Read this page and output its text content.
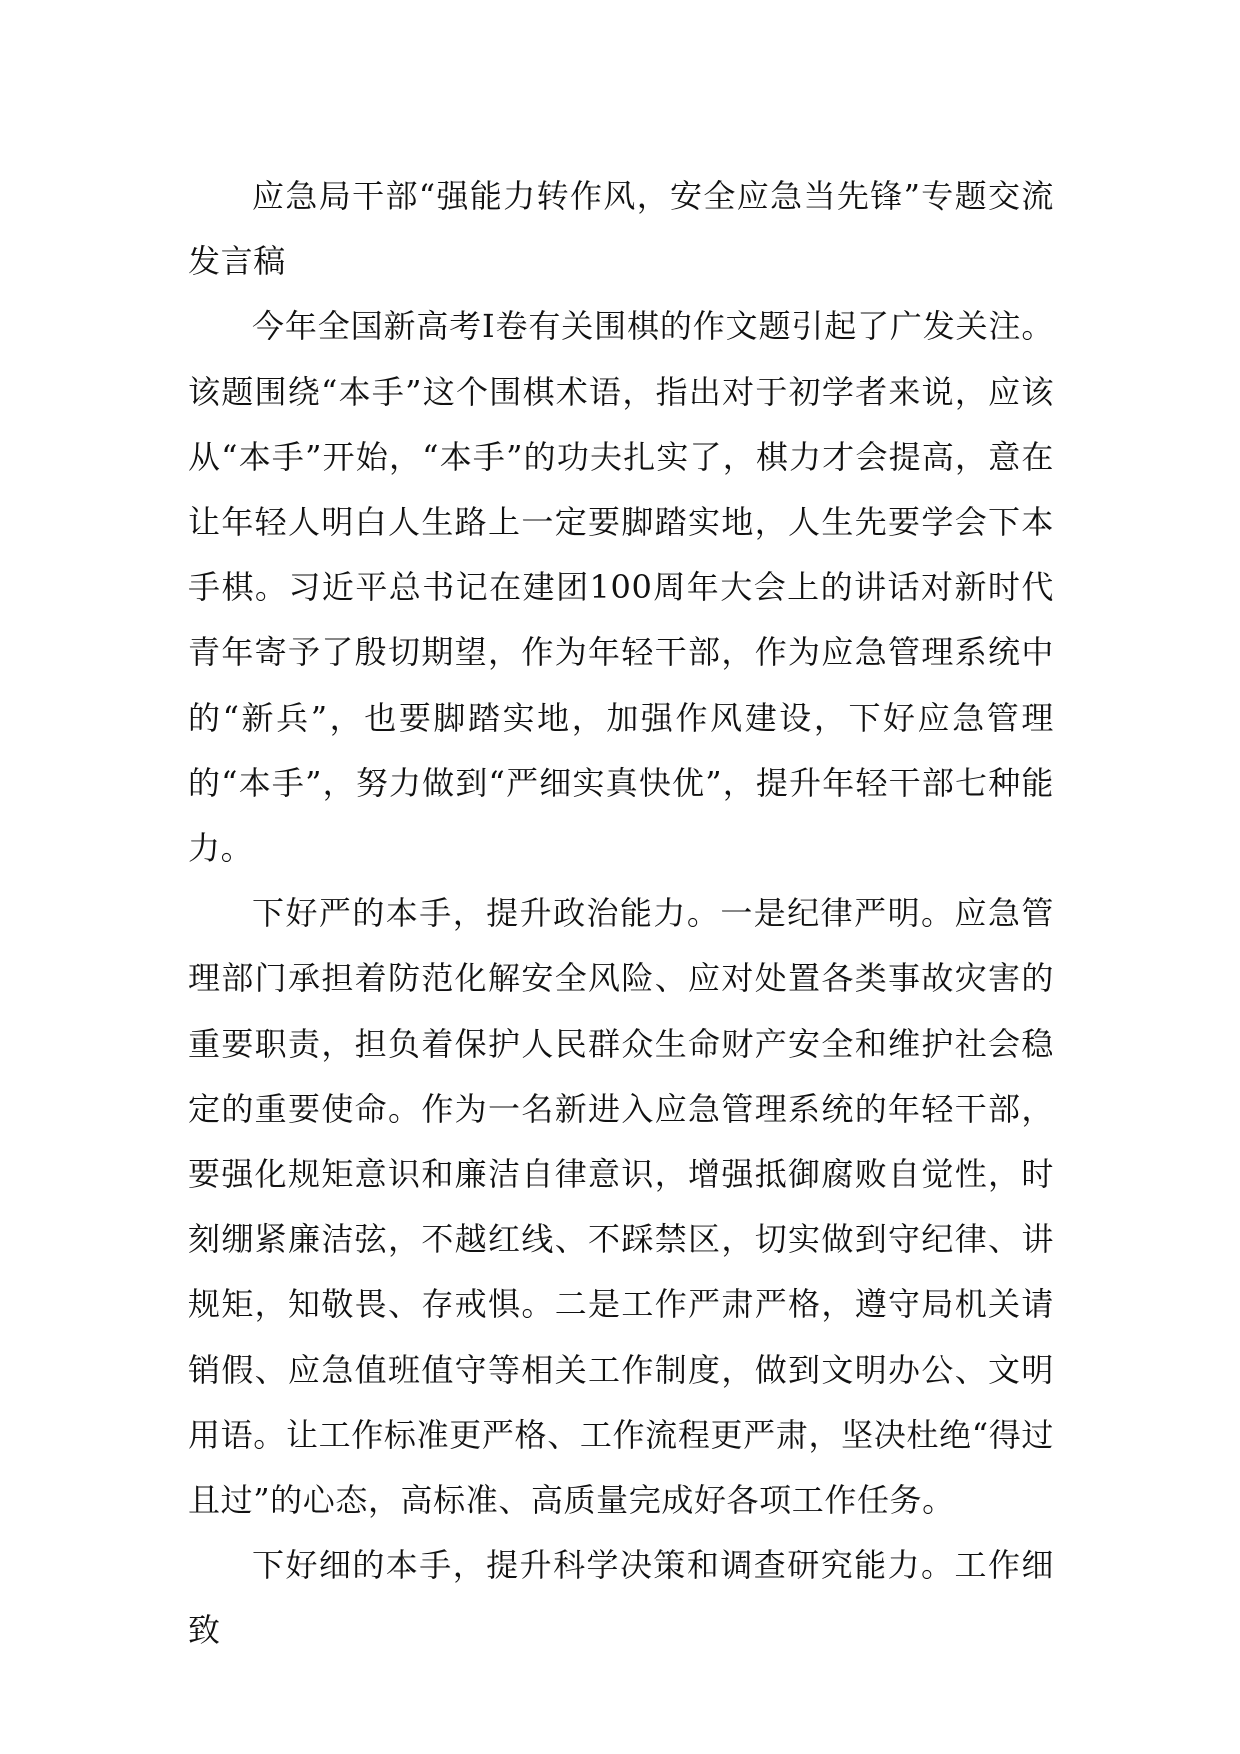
应急局干部“强能力转作风，安全应急当先锋”专题交流发言稿

今年全国新高考I卷有关围棋的作文题引起了广发关注。该题围绕“本手”这个围棋术语，指出对于初学者来说，应该从“本手”开始，“本手”的功夫扎实了，棋力才会提高，意在让年轻人明白人生路上一定要脚踏实地，人生先要学会下本手棋。习近平总书记在建团100周年大会上的讲话对新时代青年寄予了殷切期望，作为年轻干部，作为应急管理系统中的“新兵”，也要脚踏实地，加强作风建设，下好应急管理的“本手”，努力做到“严细实真快优”，提升年轻干部七种能力。

下好严的本手，提升政治能力。一是纪律严明。应急管理部门承担着防范化解安全风险、应对处置各类事故灾害的重要职责，担负着保护人民群众生命财产安全和维护社会稳定的重要使命。作为一名新进入应急管理系统的年轻干部，要强化规矩意识和廉洁自律意识，增强抵御腐败自觉性，时刻绷紧廉洁弦，不越红线、不踩禁区，切实做到守纪律、讲规矩，知敬畏、存戒惧。二是工作严肃严格，遵守局机关请销假、应急值班值守等相关工作制度，做到文明办公、文明用语。让工作标准更严格、工作流程更严肃，坚决杜绝“得过且过”的心态，高标准、高质量完成好各项工作任务。

下好细的本手，提升科学决策和调查研究能力。工作细致
